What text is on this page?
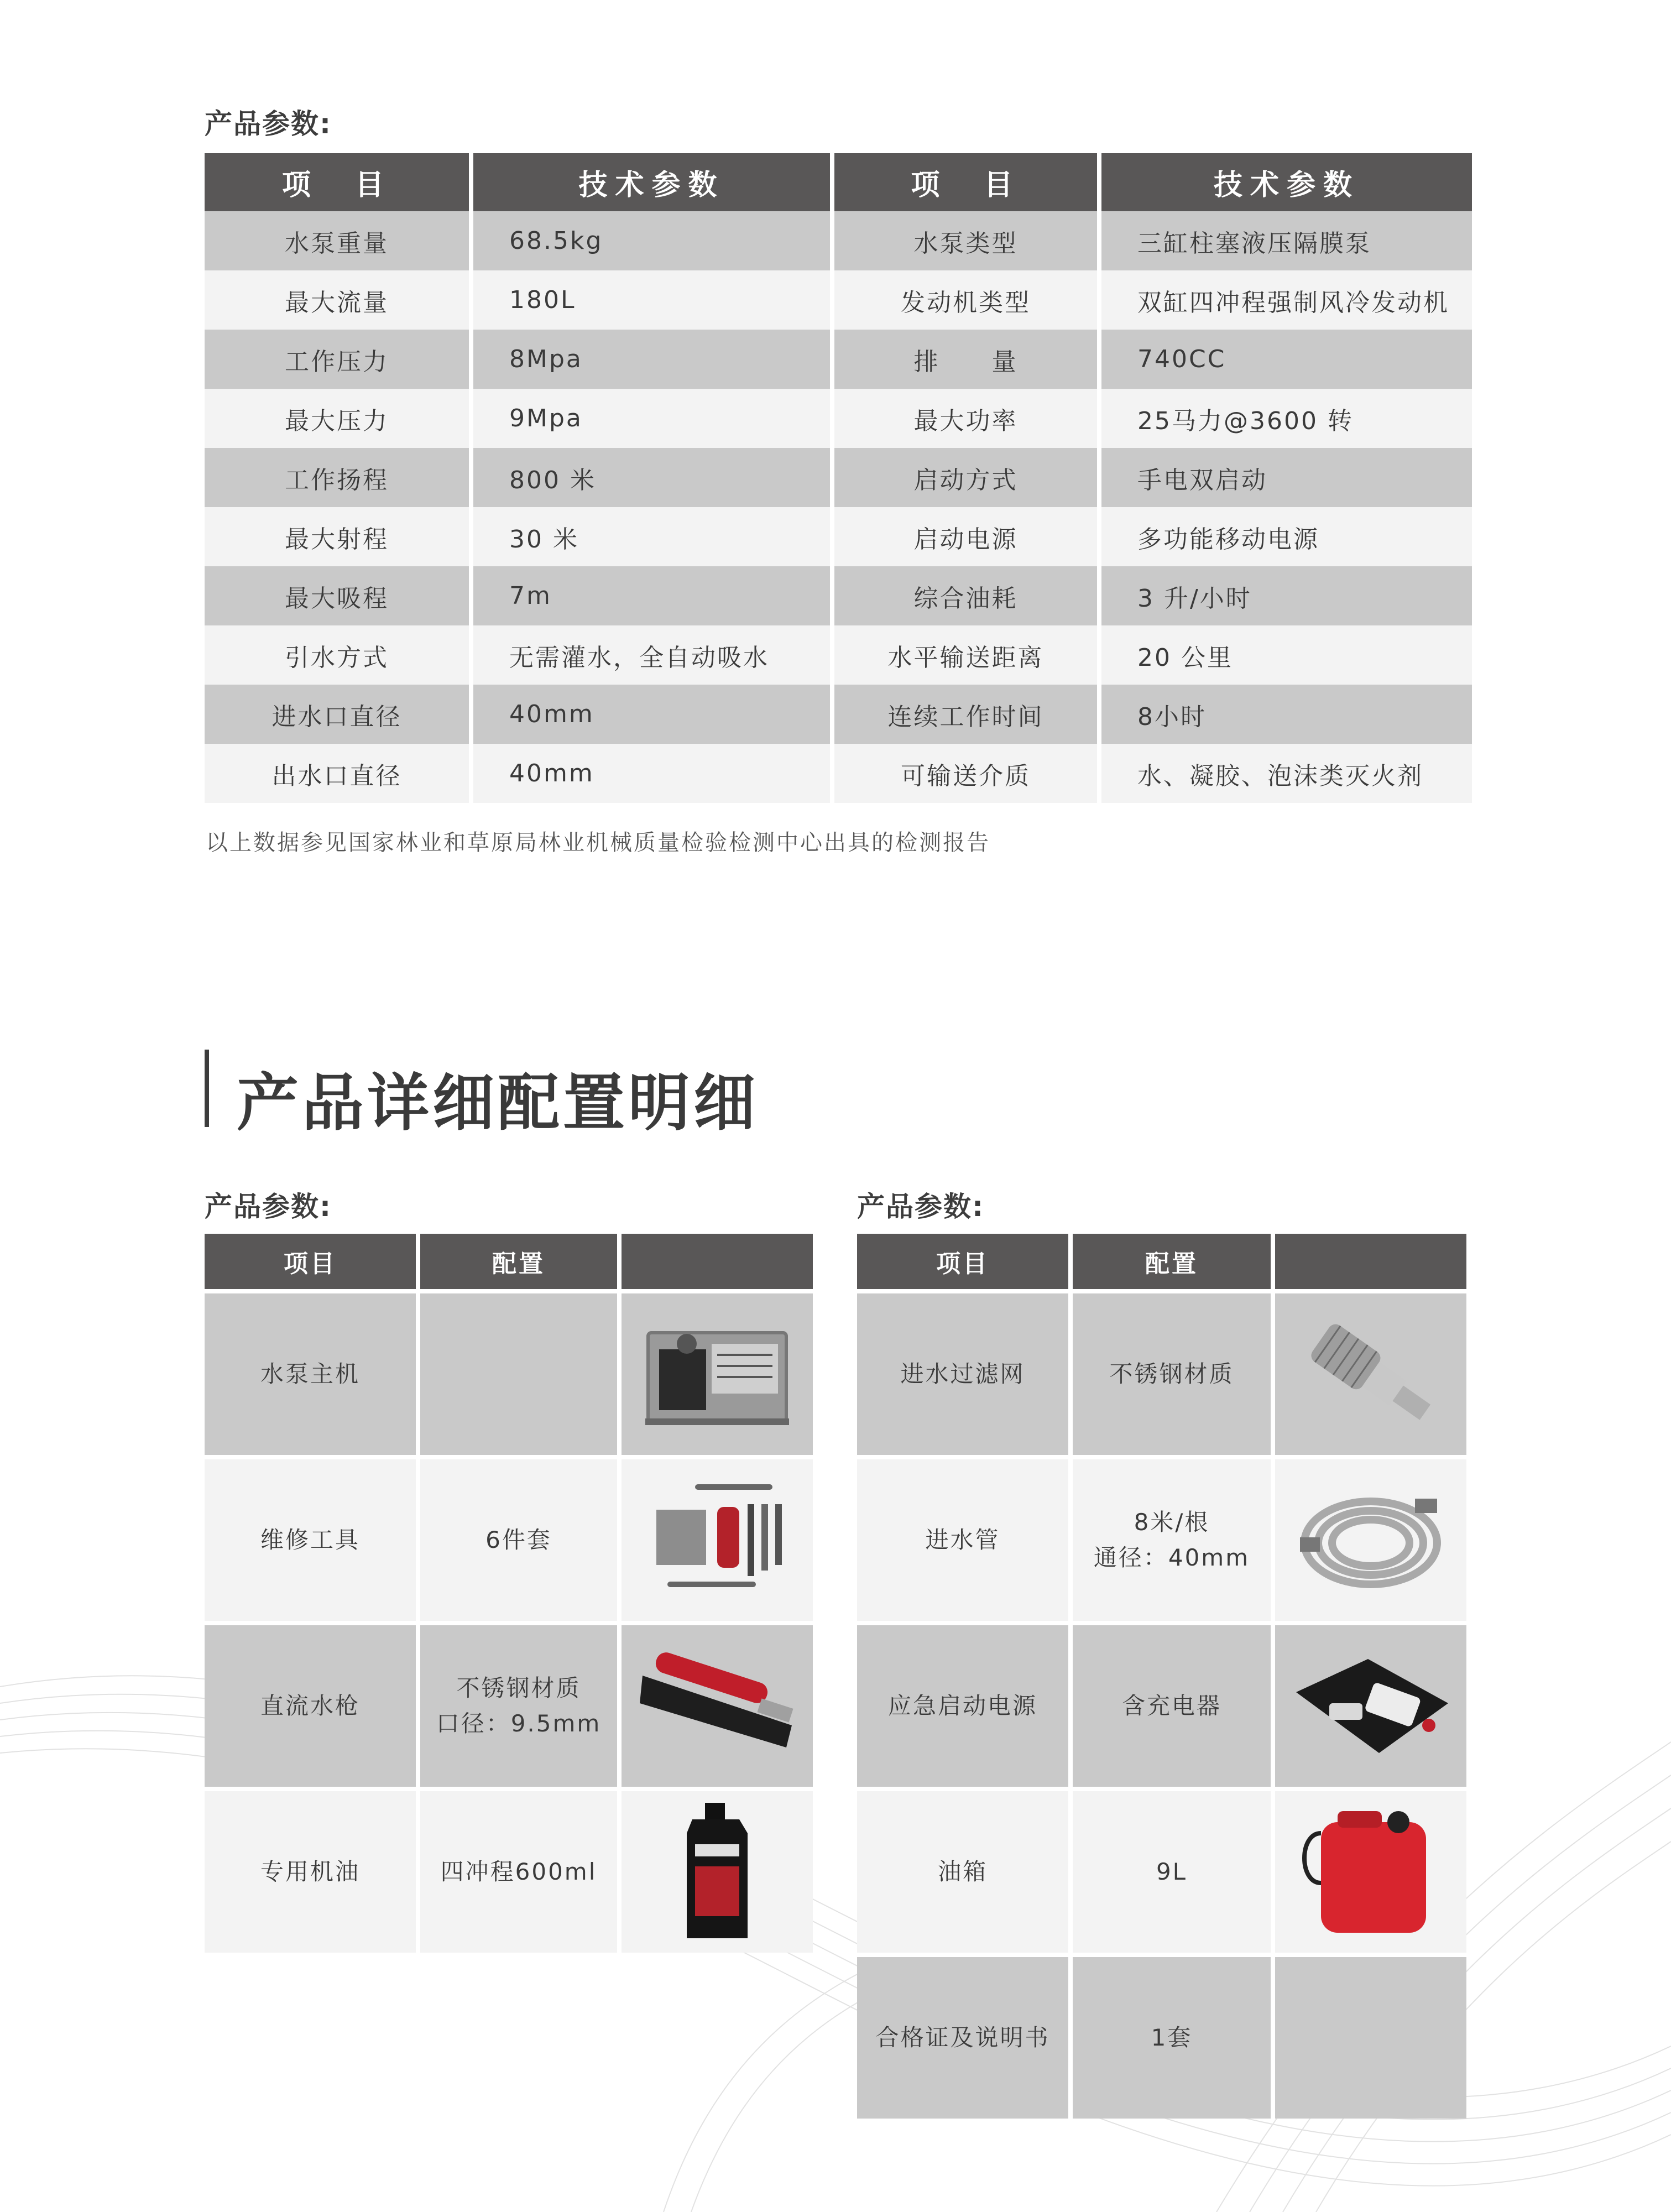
产品参数:
项　目	技术参数	项　目	技术参数
水泵重量	68.5kg	水泵类型	三缸柱塞液压隔膜泵
最大流量	180L	发动机类型	双缸四冲程强制风冷发动机
工作压力	8Mpa	排　　量	740CC
最大压力	9Mpa	最大功率	25马力@3600 转
工作扬程	800 米	启动方式	手电双启动
最大射程	30 米	启动电源	多功能移动电源
最大吸程	7m	综合油耗	3 升/小时
引水方式	无需灌水，全自动吸水	水平输送距离	20 公里
进水口直径	40mm	连续工作时间	8小时
出水口直径	40mm	可输送介质	水、凝胶、泡沫类灭火剂
以上数据参见国家林业和草原局林业机械质量检验检测中心出具的检测报告
产品详细配置明细
产品参数:	产品参数:
项目	配置	
水泵主机		

维修工具	6件套	

直流水枪	不锈钢材质
口径：9.5mm

专用机油	四冲程600ml	
项目	配置	
进水过滤网	不锈钢材质	

进水管	8米/根
通径：40mm

应急启动电源	含充电器	

油箱	9L	

合格证及说明书	1套	
